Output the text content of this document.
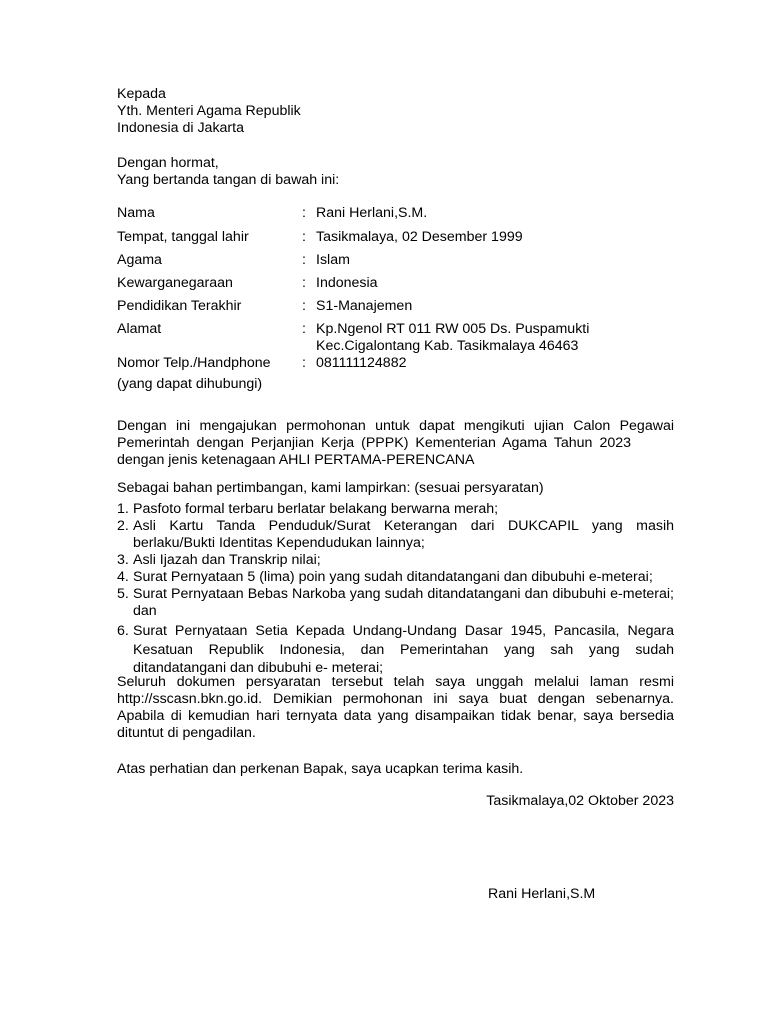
Kepada
Yth. Menteri Agama Republik
Indonesia di Jakarta
Dengan hormat,
Yang bertanda tangan di bawah ini:
Nama	: Rani Herlani,S.M.
Tempat, tanggal lahir	: Tasikmalaya, 02 Desember 1999
Agama	: Islam
Kewarganegaraan	: Indonesia
Pendidikan Terakhir	: S1-Manajemen
Alamat	: Kp.Ngenol RT 011 RW 005 Ds. Puspamukti
Kec.Cigalontang Kab. Tasikmalaya 46463
Nomor Telp./Handphone : 081111124882
(yang dapat dihubungi)
Dengan ini mengajukan permohonan untuk dapat mengikuti ujian Calon Pegawai
Pemerintah dengan Perjanjian Kerja (PPPK) Kementerian Agama Tahun 2023
dengan jenis ketenagaan AHLI PERTAMA-PERENCANA
Sebagai bahan pertimbangan, kami lampirkan: (sesuai persyaratan)
1. Pasfoto formal terbaru berlatar belakang berwarna merah;
2. Asli Kartu Tanda Penduduk/Surat Keterangan dari DUKCAPIL yang masih berlaku/Bukti Identitas Kependudukan lainnya;
3. Asli Ijazah dan Transkrip nilai;
4. Surat Pernyataan 5 (lima) poin yang sudah ditandatangani dan dibubuhi e-meterai;
5. Surat Pernyataan Bebas Narkoba yang sudah ditandatangani dan dibubuhi e-meterai; dan
6. Surat Pernyataan Setia Kepada Undang-Undang Dasar 1945, Pancasila, Negara Kesatuan Republik Indonesia, dan Pemerintahan yang sah yang sudah ditandatangani dan dibubuhi e- meterai;
Seluruh dokumen persyaratan tersebut telah saya unggah melalui laman resmi http://sscasn.bkn.go.id. Demikian permohonan ini saya buat dengan sebenarnya. Apabila di kemudian hari ternyata data yang disampaikan tidak benar, saya bersedia dituntut di pengadilan.
Atas perhatian dan perkenan Bapak, saya ucapkan terima kasih.
Tasikmalaya,02 Oktober 2023
Rani Herlani,S.M
